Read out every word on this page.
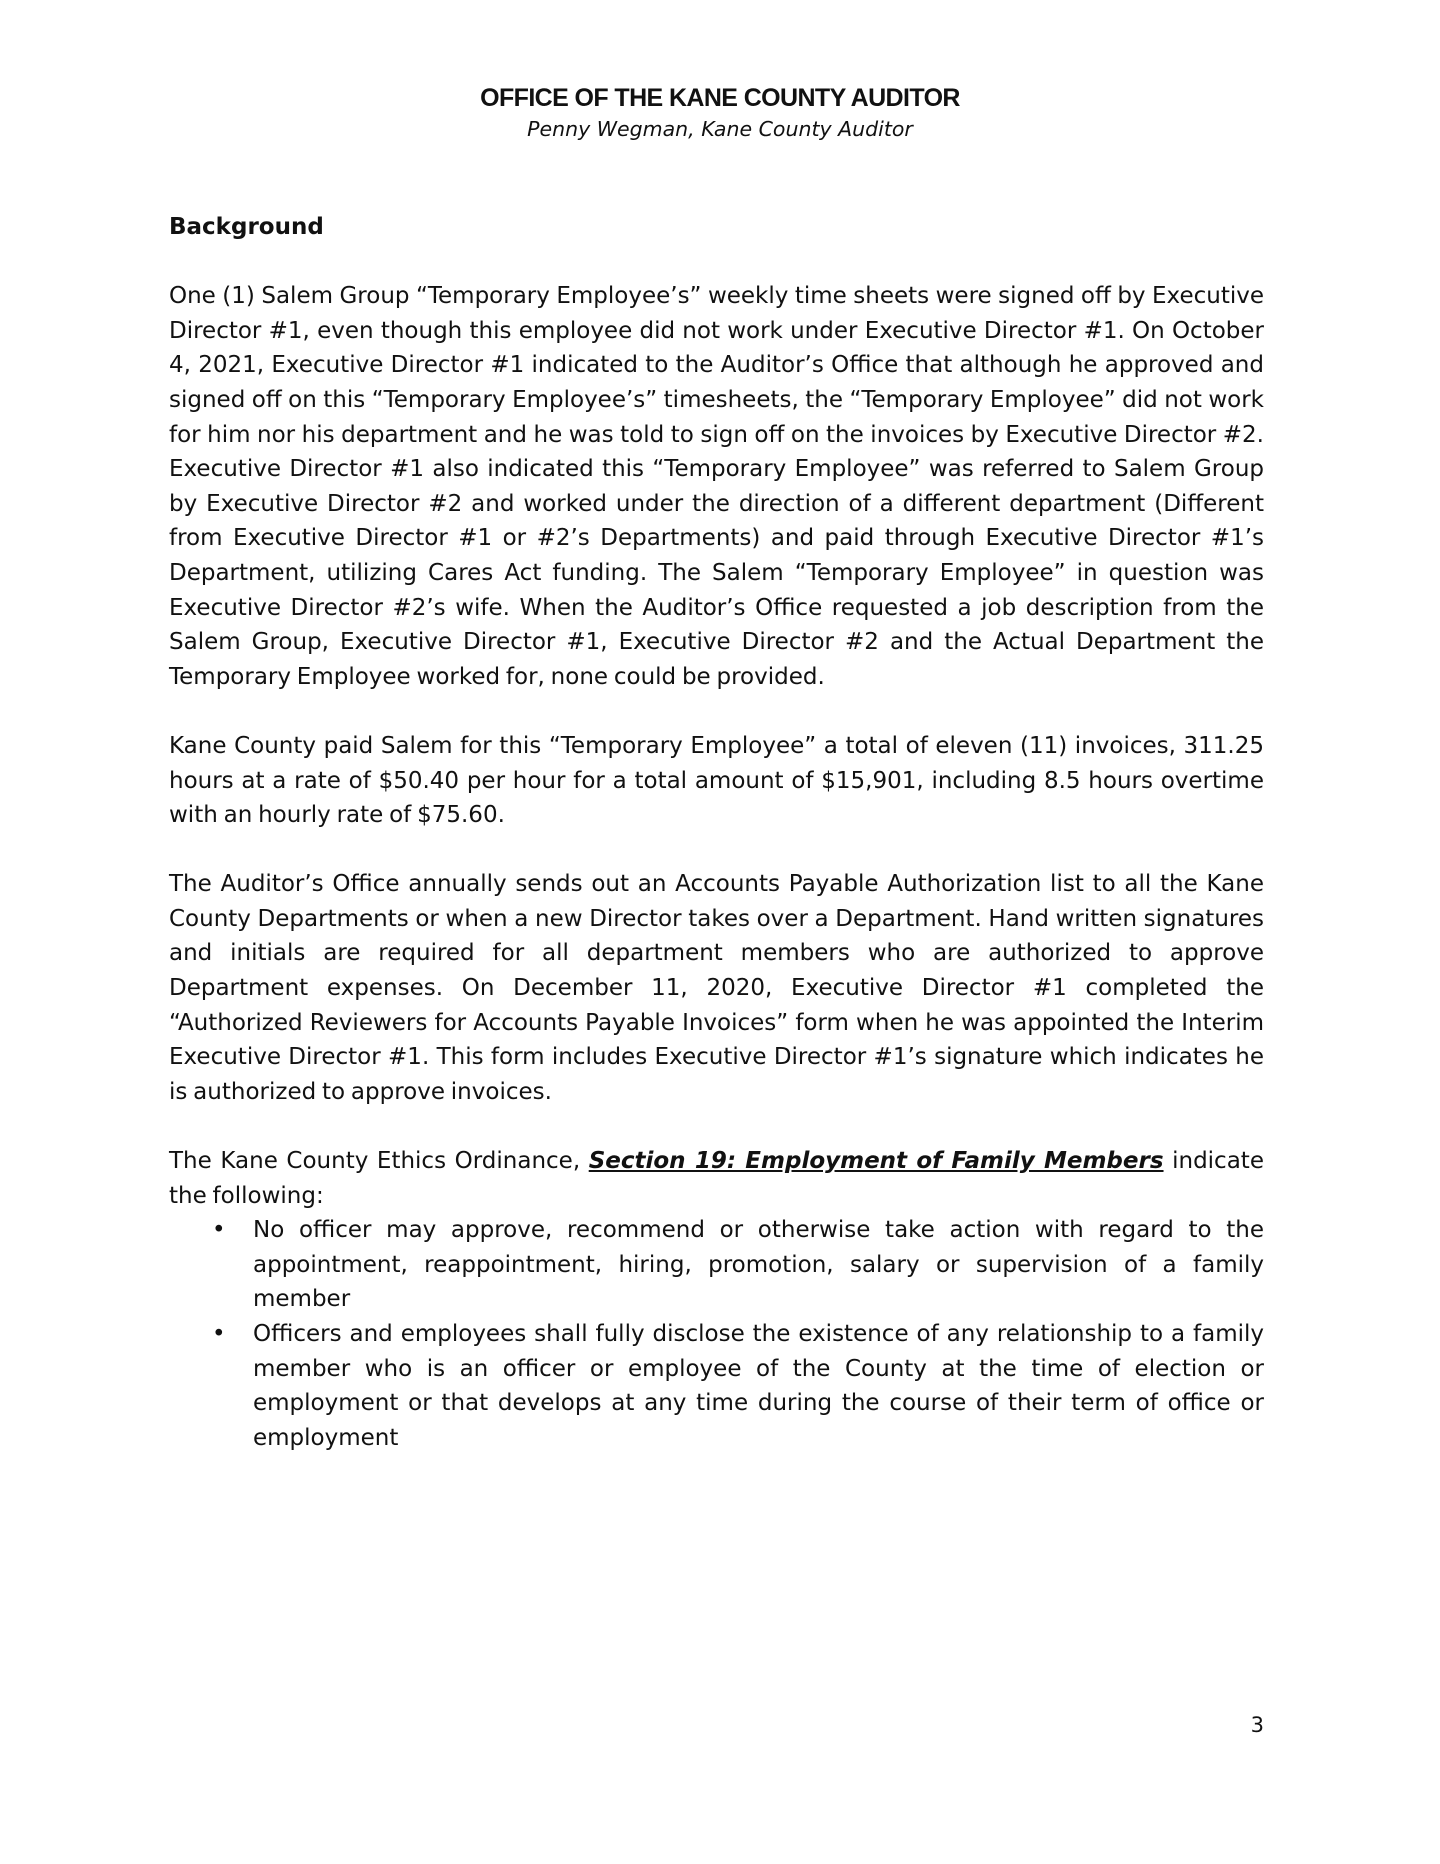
OFFICE OF THE KANE COUNTY AUDITOR
Penny Wegman, Kane County Auditor
Background

One (1) Salem Group “Temporary Employee’s” weekly time sheets were signed off by Executive Director #1, even though this employee did not work under Executive Director #1. On October 4, 2021, Executive Director #1 indicated to the Auditor’s Office that although he approved and signed off on this “Temporary Employee’s” timesheets, the “Temporary Employee” did not work for him nor his department and he was told to sign off on the invoices by Executive Director #2. Executive Director #1 also indicated this “Temporary Employee” was referred to Salem Group by Executive Director #2 and worked under the direction of a different department (Different from Executive Director #1 or #2’s Departments) and paid through Executive Director #1’s Department, utilizing Cares Act funding. The Salem “Temporary Employee” in question was Executive Director #2’s wife. When the Auditor’s Office requested a job description from the Salem Group, Executive Director #1, Executive Director #2 and the Actual Department the Temporary Employee worked for, none could be provided.

Kane County paid Salem for this “Temporary Employee” a total of eleven (11) invoices, 311.25 hours at a rate of $50.40 per hour for a total amount of $15,901, including 8.5 hours overtime with an hourly rate of $75.60.

The Auditor’s Office annually sends out an Accounts Payable Authorization list to all the Kane County Departments or when a new Director takes over a Department. Hand written signatures and initials are required for all department members who are authorized to approve Department expenses. On December 11, 2020, Executive Director #1 completed the “Authorized Reviewers for Accounts Payable Invoices” form when he was appointed the Interim Executive Director #1. This form includes Executive Director #1’s signature which indicates he is authorized to approve invoices.

The Kane County Ethics Ordinance, Section 19: Employment of Family Members indicate the following:

• No officer may approve, recommend or otherwise take action with regard to the appointment, reappointment, hiring, promotion, salary or supervision of a family member
• Officers and employees shall fully disclose the existence of any relationship to a family member who is an officer or employee of the County at the time of election or employment or that develops at any time during the course of their term of office or employment
3
